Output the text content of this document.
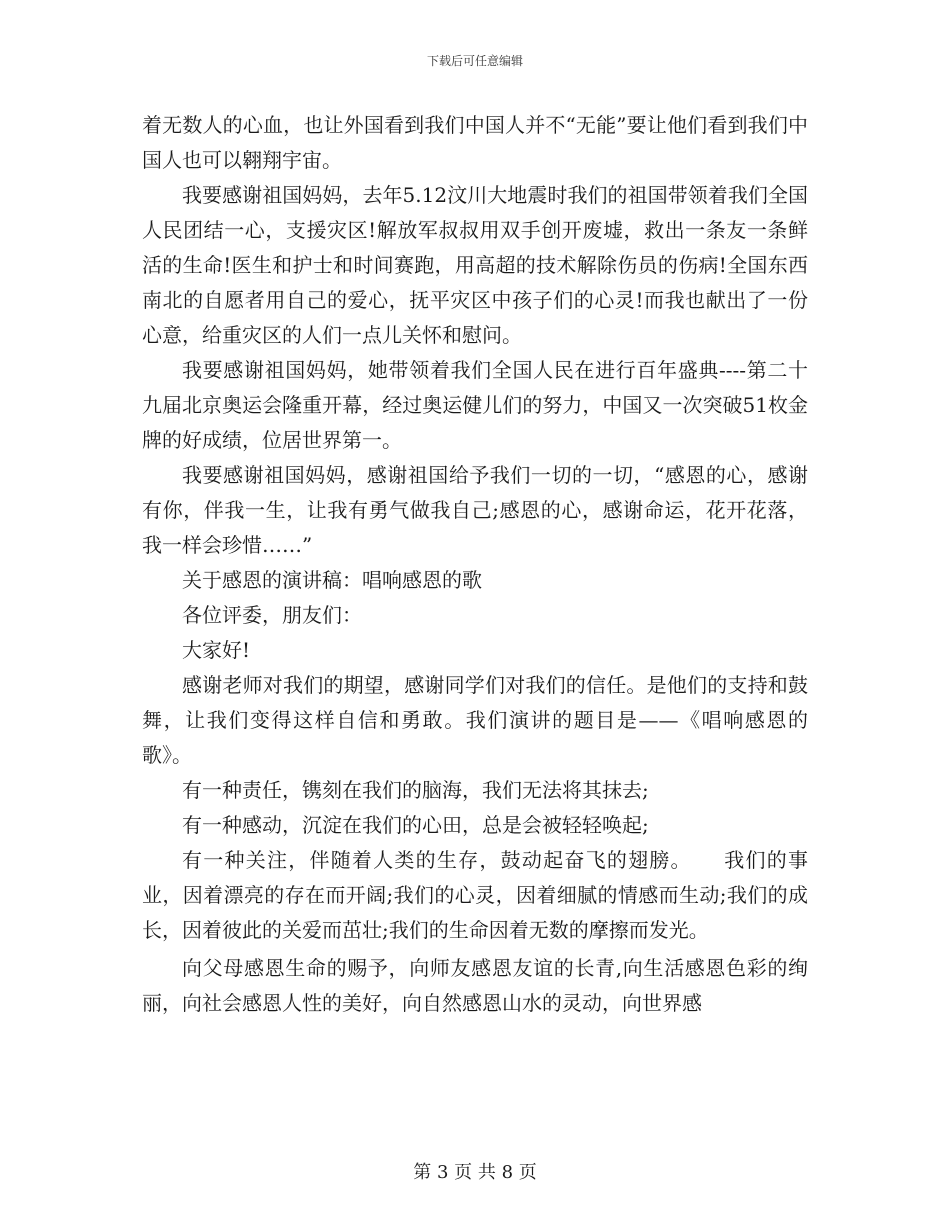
下载后可任意编辑

着无数人的心血，也让外国看到我们中国人并不“无能”要让他们看到我们中国人也可以翱翔宇宙。

我要感谢祖国妈妈，去年5.12汶川大地震时我们的祖国带领着我们全国人民团结一心，支援灾区!解放军叔叔用双手创开废墟，救出一条友一条鲜活的生命!医生和护士和时间赛跑，用高超的技术解除伤员的伤病!全国东西南北的自愿者用自己的爱心，抚平灾区中孩子们的心灵!而我也献出了一份心意，给重灾区的人们一点儿关怀和慰问。

我要感谢祖国妈妈，她带领着我们全国人民在进行百年盛典----第二十九届北京奥运会隆重开幕，经过奥运健儿们的努力，中国又一次突破51枚金牌的好成绩，位居世界第一。

我要感谢祖国妈妈，感谢祖国给予我们一切的一切，“感恩的心，感谢有你，伴我一生，让我有勇气做我自己;感恩的心，感谢命运，花开花落，我一样会珍惜……”

关于感恩的演讲稿：唱响感恩的歌

各位评委，朋友们：

大家好!

感谢老师对我们的期望，感谢同学们对我们的信任。是他们的支持和鼓舞，让我们变得这样自信和勇敢。我们演讲的题目是——《唱响感恩的歌》。

有一种责任，镌刻在我们的脑海，我们无法将其抹去;

有一种感动，沉淀在我们的心田，总是会被轻轻唤起;

有一种关注，伴随着人类的生存，鼓动起奋飞的翅膀。　　我们的事业，因着漂亮的存在而开阔;我们的心灵，因着细腻的情感而生动;我们的成长，因着彼此的关爱而茁壮;我们的生命因着无数的摩擦而发光。

向父母感恩生命的赐予，向师友感恩友谊的长青,向生活感恩色彩的绚丽，向社会感恩人性的美好，向自然感恩山水的灵动，向世界感

第 3 页 共 8 页
